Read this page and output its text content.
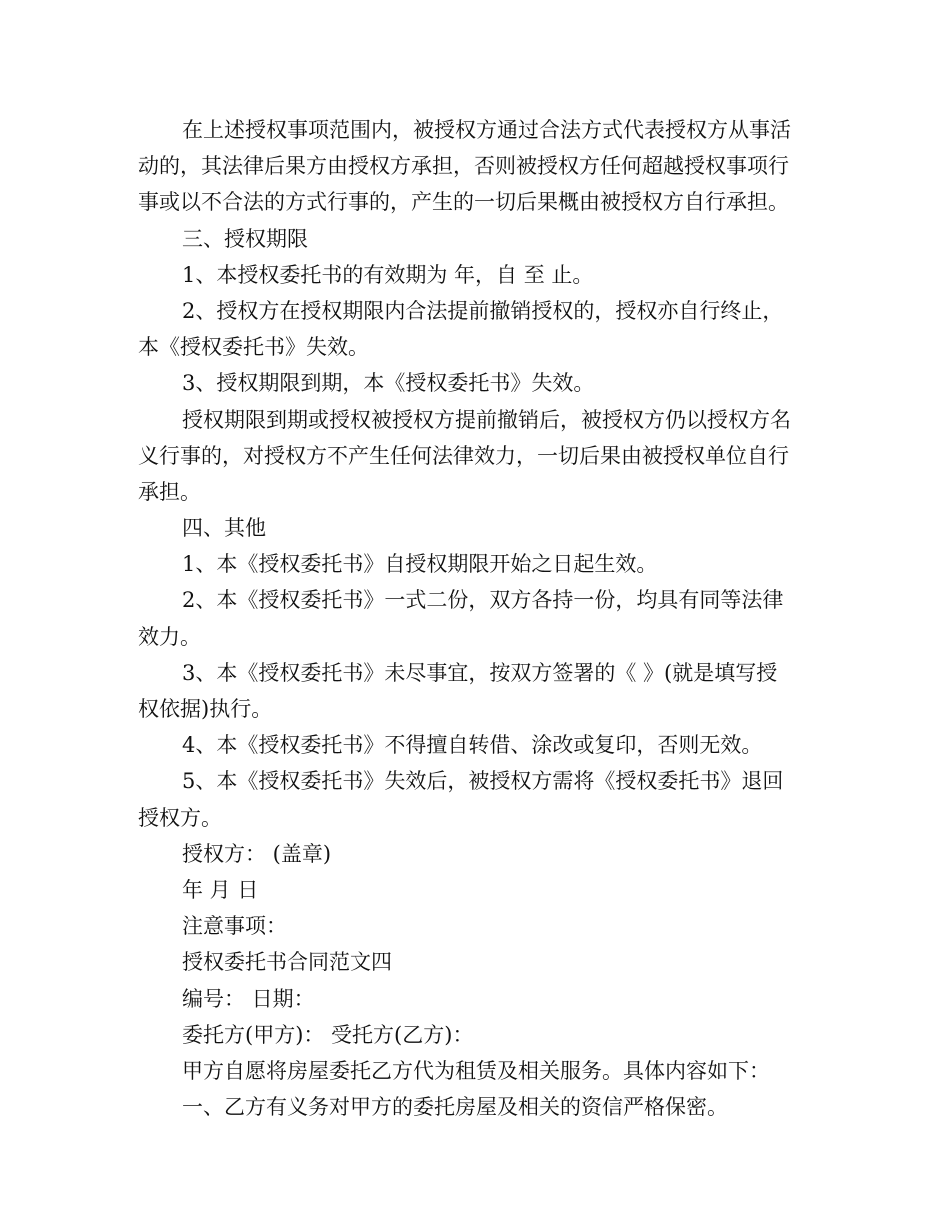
在上述授权事项范围内，被授权方通过合法方式代表授权方从事活
动的，其法律后果方由授权方承担，否则被授权方任何超越授权事项行
事或以不合法的方式行事的，产生的一切后果概由被授权方自行承担。
三、授权期限
1、本授权委托书的有效期为 年，自 至 止。
2、授权方在授权期限内合法提前撤销授权的，授权亦自行终止，
本《授权委托书》失效。
3、授权期限到期，本《授权委托书》失效。
授权期限到期或授权被授权方提前撤销后，被授权方仍以授权方名
义行事的，对授权方不产生任何法律效力，一切后果由被授权单位自行
承担。
四、其他
1、本《授权委托书》自授权期限开始之日起生效。
2、本《授权委托书》一式二份，双方各持一份，均具有同等法律
效力。
3、本《授权委托书》未尽事宜，按双方签署的《 》(就是填写授
权依据)执行。
4、本《授权委托书》不得擅自转借、涂改或复印，否则无效。
5、本《授权委托书》失效后，被授权方需将《授权委托书》退回
授权方。
授权方： (盖章)
年 月 日
注意事项：
授权委托书合同范文四
编号： 日期：
委托方(甲方)： 受托方(乙方)：
甲方自愿将房屋委托乙方代为租赁及相关服务。具体内容如下：
一、乙方有义务对甲方的委托房屋及相关的资信严格保密。
